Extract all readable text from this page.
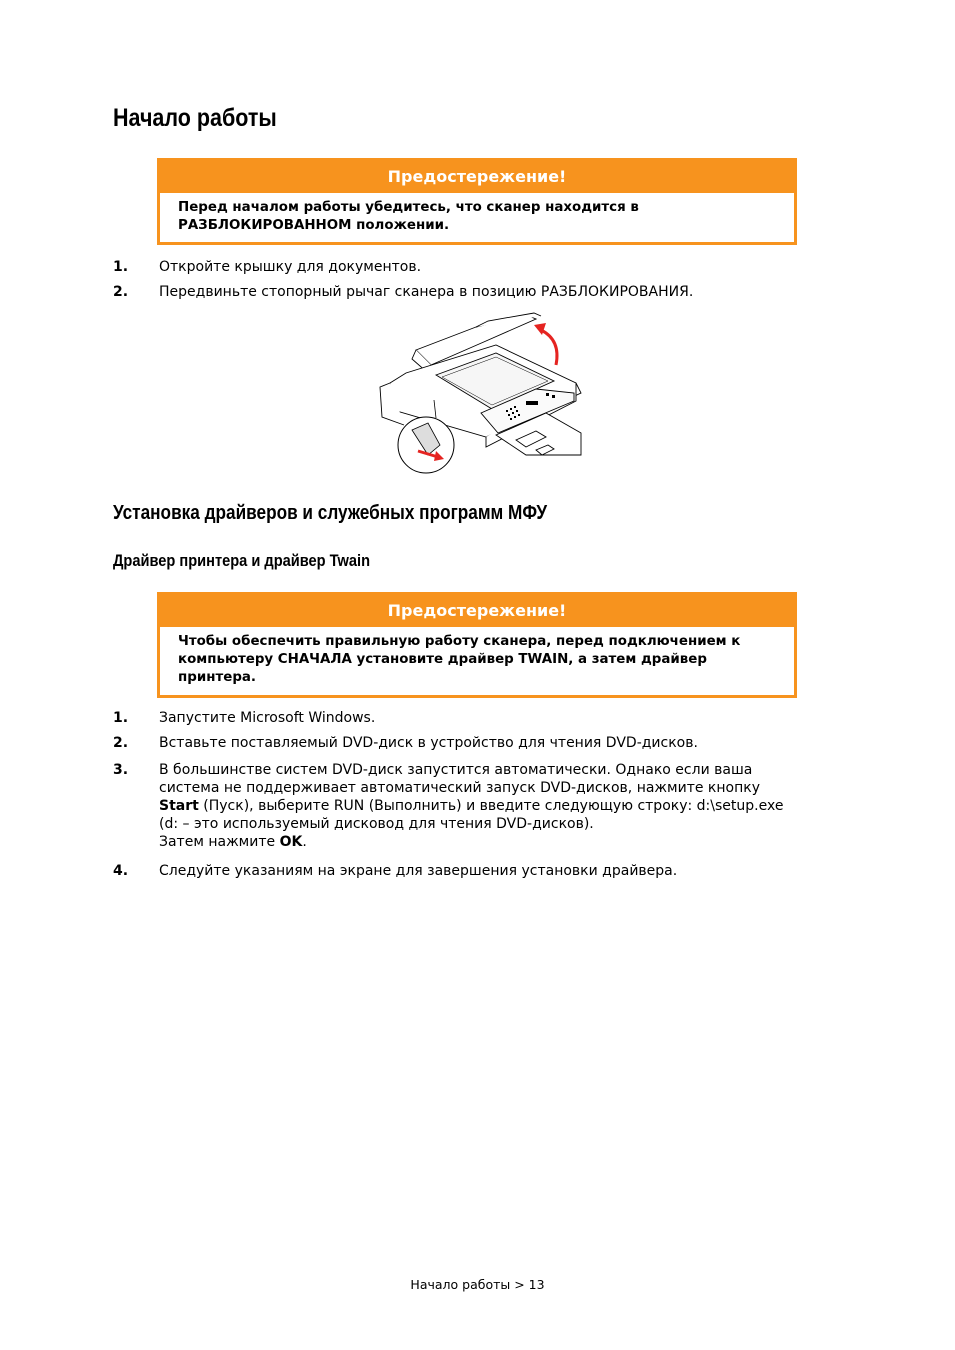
Начало работы
Предостережение!
Перед началом работы убедитесь, что сканер находится в РАЗБЛОКИРОВАННОМ положении.
1. Откройте крышку для документов.
2. Передвиньте стопорный рычаг сканера в позицию РАЗБЛОКИРОВАНИЯ.
Установка драйверов и служебных программ МФУ
Драйвер принтера и драйвер Twain
Предостережение!
Чтобы обеспечить правильную работу сканера, перед подключением к компьютеру СНАЧАЛА установите драйвер TWAIN, а затем драйвер принтера.
1. Запустите Microsoft Windows.
2. Вставьте поставляемый DVD-диск в устройство для чтения DVD-дисков.
3. В большинстве систем DVD-диск запустится автоматически. Однако если ваша система не поддерживает автоматический запуск DVD-дисков, нажмите кнопку Start (Пуск), выберите RUN (Выполнить) и введите следующую строку: d:\setup.exe (d: – это используемый дисковод для чтения DVD-дисков).
Затем нажмите OK.
4. Следуйте указаниям на экране для завершения установки драйвера.
Начало работы > 13
